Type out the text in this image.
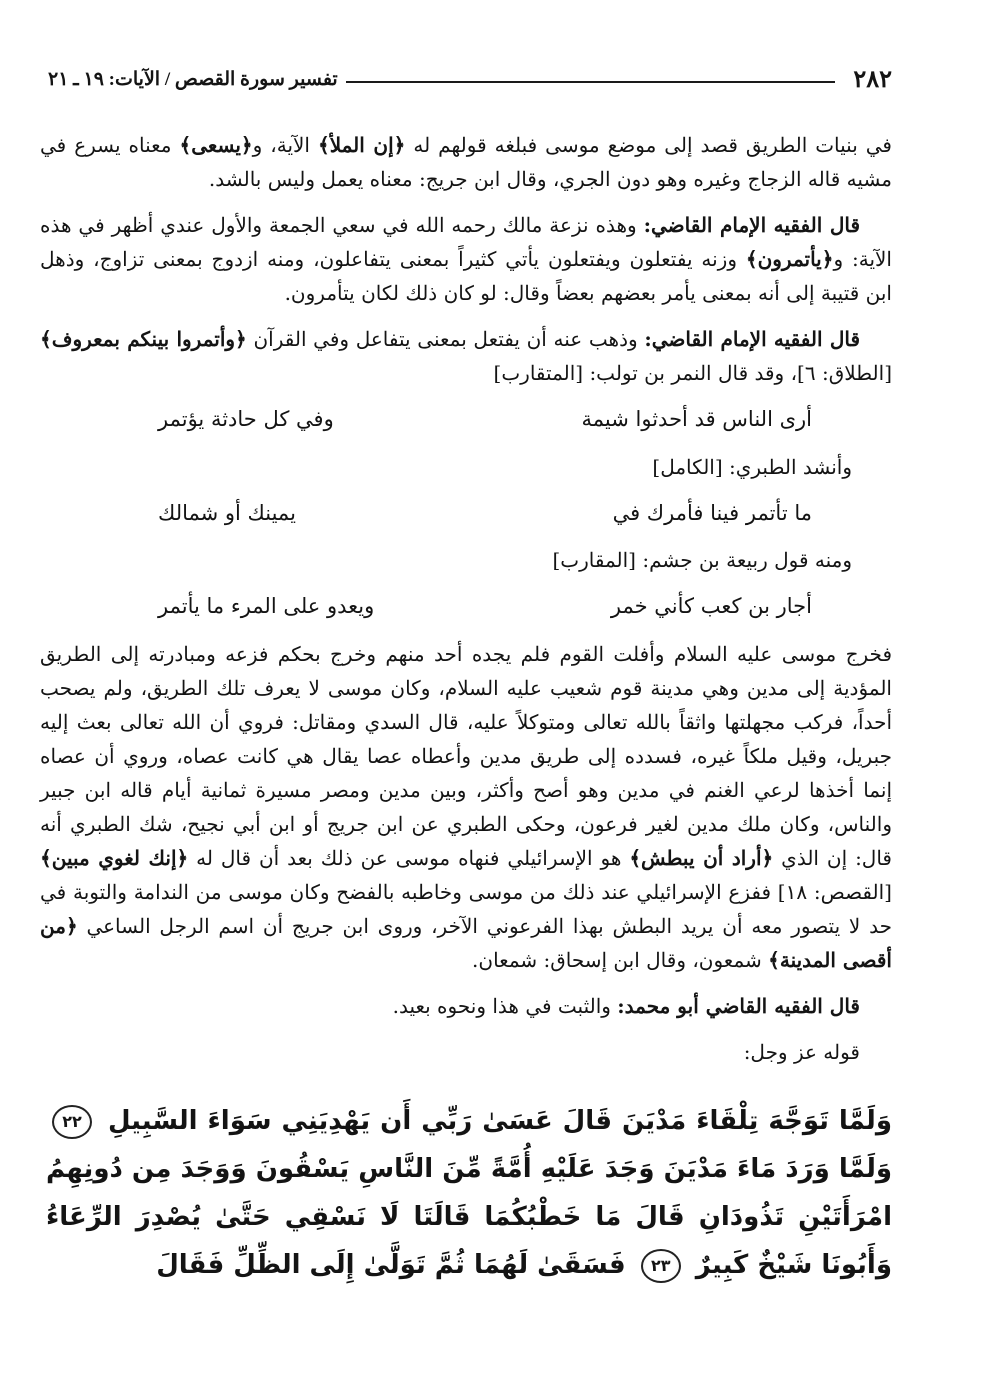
٢٨٢
تفسير سورة القصص / الآيات: ١٩ ـ ٢١

في بنيات الطريق قصد إلى موضع موسى فبلغه قولهم له ﴿إن الملأ﴾ الآية، و﴿يسعى﴾ معناه يسرع في مشيه قاله الزجاج وغيره وهو دون الجري، وقال ابن جريج: معناه يعمل وليس بالشد.

قال الفقيه الإمام القاضي: وهذه نزعة مالك رحمه الله في سعي الجمعة والأول عندي أظهر في هذه الآية: و﴿يأتمرون﴾ وزنه يفتعلون ويفتعلون يأتي كثيراً بمعنى يتفاعلون، ومنه ازدوج بمعنى تزاوج، وذهل ابن قتيبة إلى أنه بمعنى يأمر بعضهم بعضاً وقال: لو كان ذلك لكان يتأمرون.

قال الفقيه الإمام القاضي: وذهب عنه أن يفتعل بمعنى يتفاعل وفي القرآن ﴿وأتمروا بينكم بمعروف﴾ [الطلاق: ٦]، وقد قال النمر بن تولب: [المتقارب]

أرى الناس قد أحدثوا شيمة
وفي كل حادثة يؤتمر

وأنشد الطبري: [الكامل]

ما تأتمر فينا فأمرك في
يمينك أو شمالك

ومنه قول ربيعة بن جشم: [المقارب]

أجار بن كعب كأني خمر
ويعدو على المرء ما يأتمر

فخرج موسى عليه السلام وأفلت القوم فلم يجده أحد منهم وخرج بحكم فزعه ومبادرته إلى الطريق المؤدية إلى مدين وهي مدينة قوم شعيب عليه السلام، وكان موسى لا يعرف تلك الطريق، ولم يصحب أحداً، فركب مجهلتها واثقاً بالله تعالى ومتوكلاً عليه، قال السدي ومقاتل: فروي أن الله تعالى بعث إليه جبريل، وقيل ملكاً غيره، فسدده إلى طريق مدين وأعطاه عصا يقال هي كانت عصاه، وروي أن عصاه إنما أخذها لرعي الغنم في مدين وهو أصح وأكثر، وبين مدين ومصر مسيرة ثمانية أيام قاله ابن جبير والناس، وكان ملك مدين لغير فرعون، وحكى الطبري عن ابن جريج أو ابن أبي نجيح، شك الطبري أنه قال: إن الذي ﴿أراد أن يبطش﴾ هو الإسرائيلي فنهاه موسى عن ذلك بعد أن قال له ﴿إنك لغوي مبين﴾ [القصص: ١٨] ففزع الإسرائيلي عند ذلك من موسى وخاطبه بالفضح وكان موسى من الندامة والتوبة في حد لا يتصور معه أن يريد البطش بهذا الفرعوني الآخر، وروى ابن جريج أن اسم الرجل الساعي ﴿من أقصى المدينة﴾ شمعون، وقال ابن إسحاق: شمعان.

قال الفقيه القاضي أبو محمد: والثبت في هذا ونحوه بعيد.

قوله عز وجل:

وَلَمَّا تَوَجَّهَ تِلْقَاءَ مَدْيَنَ قَالَ عَسَىٰ رَبِّي أَن يَهْدِيَنِي سَوَاءَ السَّبِيلِ ٢٢ وَلَمَّا وَرَدَ مَاءَ مَدْيَنَ وَجَدَ عَلَيْهِ أُمَّةً مِّنَ النَّاسِ يَسْقُونَ وَوَجَدَ مِن دُونِهِمُ امْرَأَتَيْنِ تَذُودَانِ قَالَ مَا خَطْبُكُمَا قَالَتَا لَا نَسْقِي حَتَّىٰ يُصْدِرَ الرِّعَاءُ وَأَبُونَا شَيْخٌ كَبِيرٌ ٢٣ فَسَقَىٰ لَهُمَا ثُمَّ تَوَلَّىٰ إِلَى الظِّلِّ فَقَالَ
